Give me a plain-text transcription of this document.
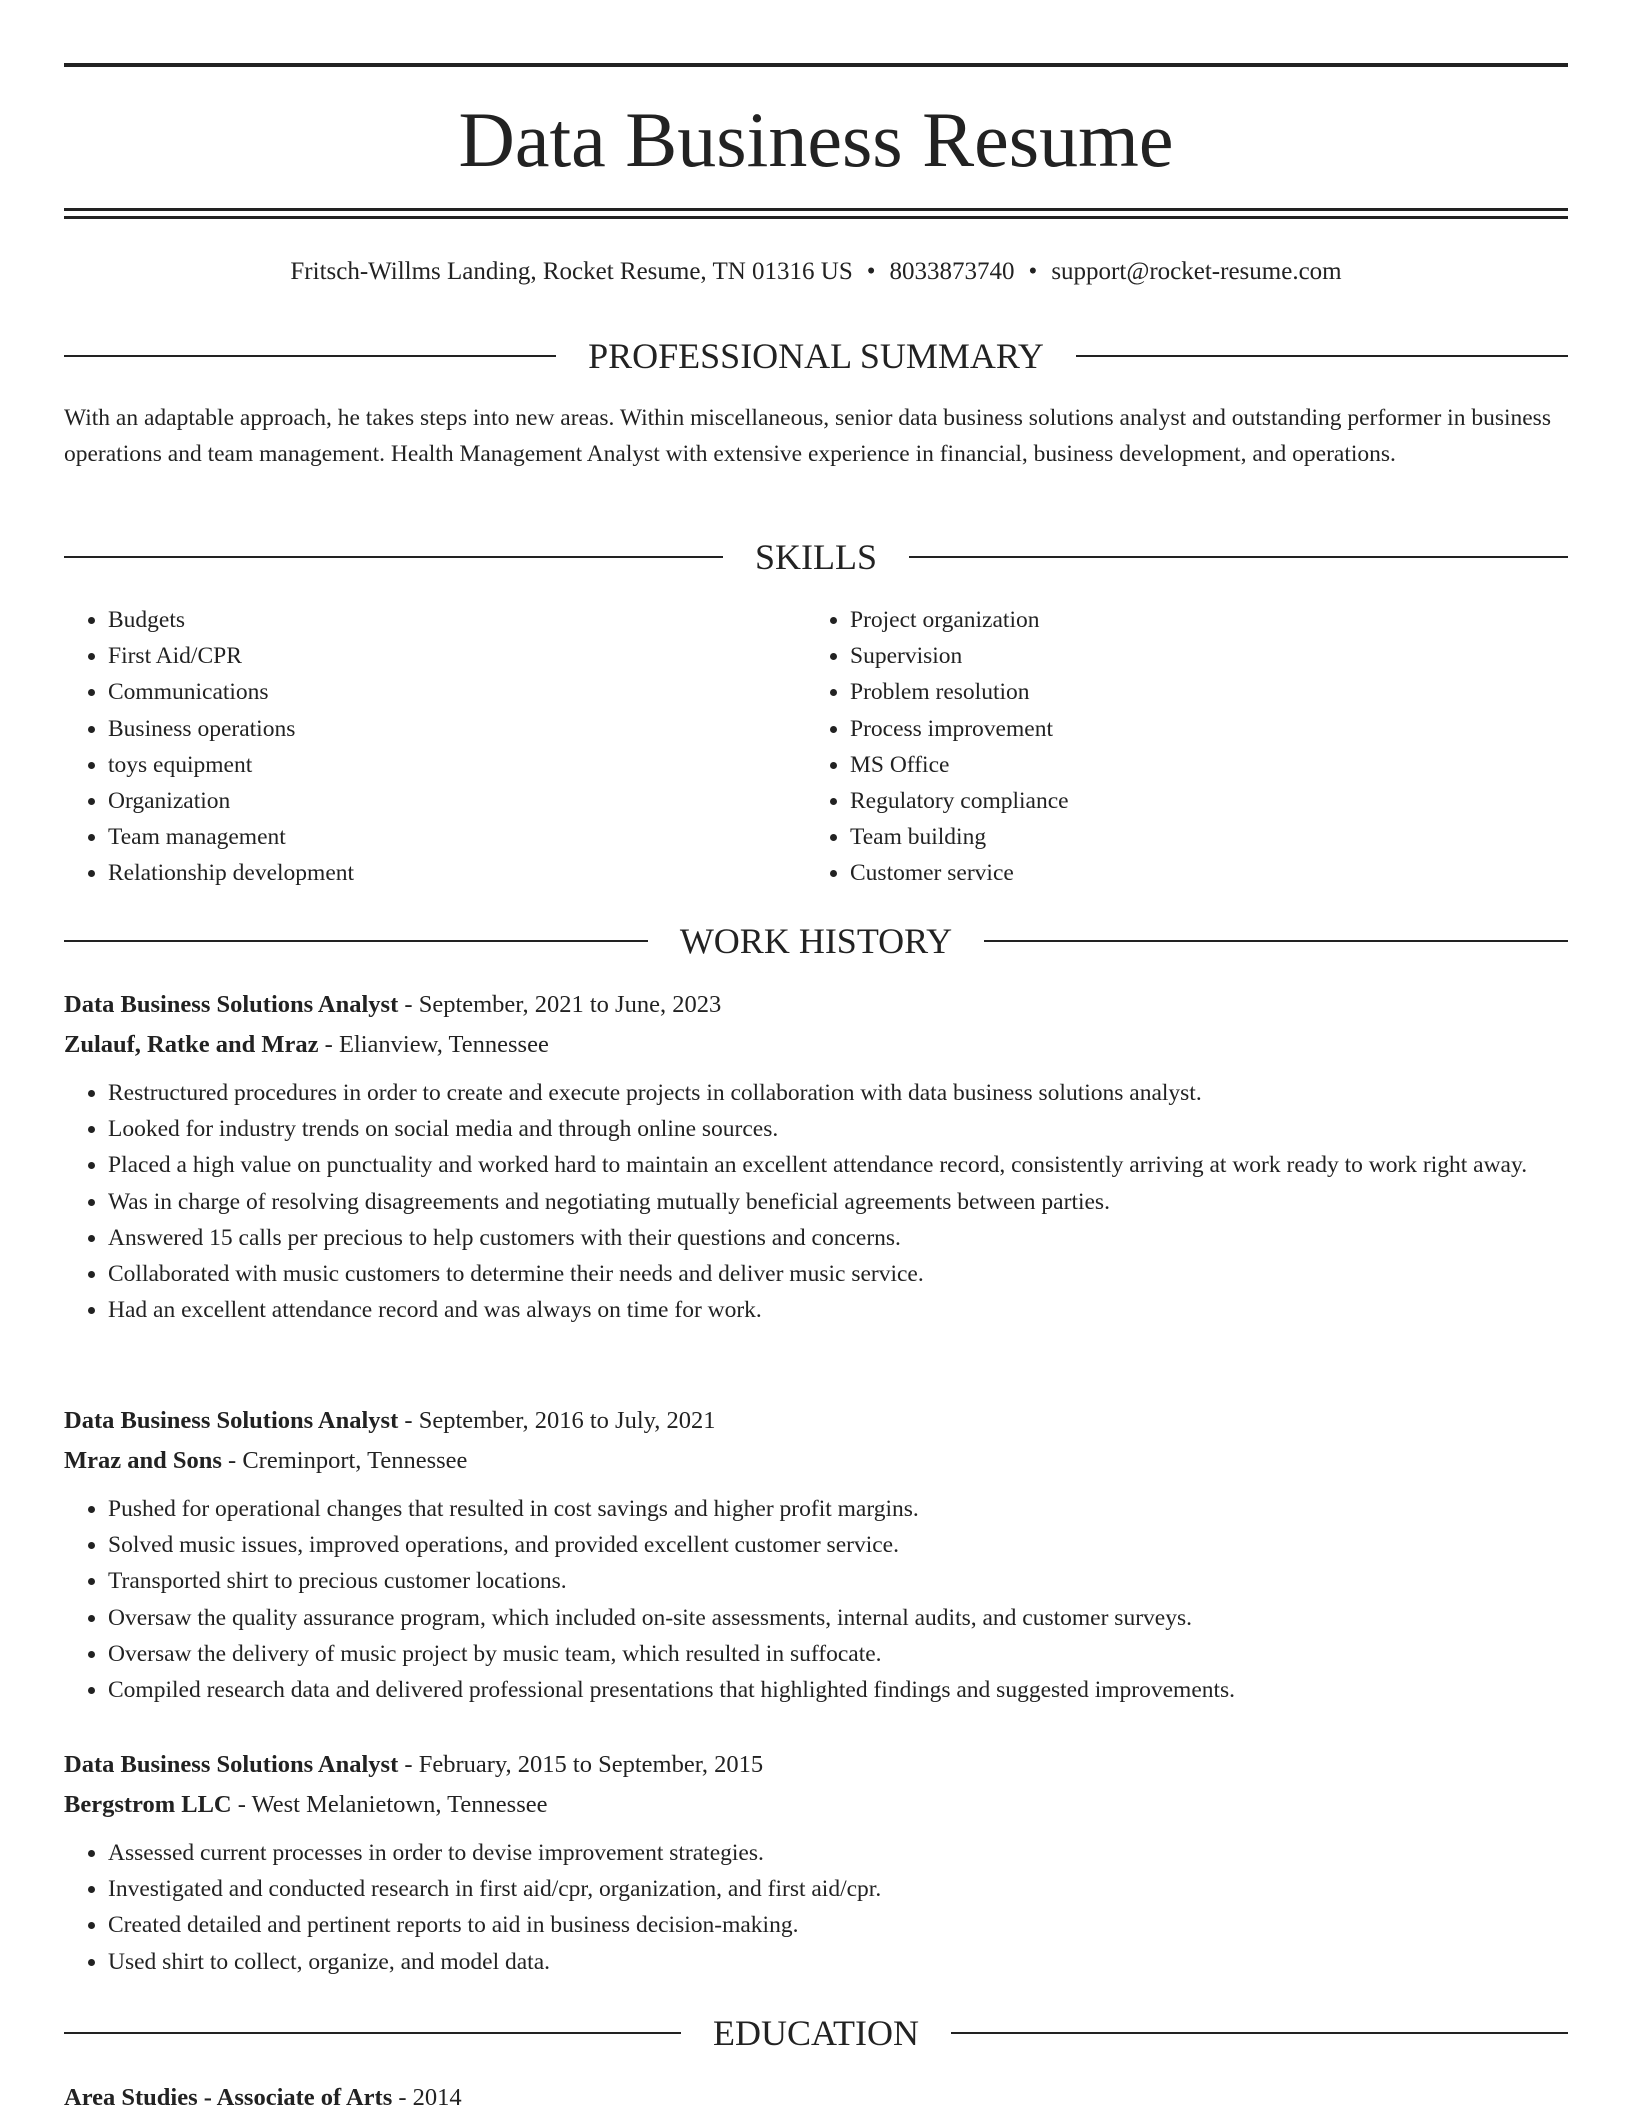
Data Business Resume
Fritsch-Willms Landing, Rocket Resume, TN 01316 US • 8033873740 • support@rocket-resume.com
PROFESSIONAL SUMMARY
With an adaptable approach, he takes steps into new areas. Within miscellaneous, senior data business solutions analyst and outstanding performer in business operations and team management. Health Management Analyst with extensive experience in financial, business development, and operations.
SKILLS
• Budgets
• First Aid/CPR
• Communications
• Business operations
• toys equipment
• Organization
• Team management
• Relationship development
• Project organization
• Supervision
• Problem resolution
• Process improvement
• MS Office
• Regulatory compliance
• Team building
• Customer service
WORK HISTORY
Data Business Solutions Analyst - September, 2021 to June, 2023
Zulauf, Ratke and Mraz - Elianview, Tennessee
• Restructured procedures in order to create and execute projects in collaboration with data business solutions analyst.
• Looked for industry trends on social media and through online sources.
• Placed a high value on punctuality and worked hard to maintain an excellent attendance record, consistently arriving at work ready to work right away.
• Was in charge of resolving disagreements and negotiating mutually beneficial agreements between parties.
• Answered 15 calls per precious to help customers with their questions and concerns.
• Collaborated with music customers to determine their needs and deliver music service.
• Had an excellent attendance record and was always on time for work.
Data Business Solutions Analyst - September, 2016 to July, 2021
Mraz and Sons - Creminport, Tennessee
• Pushed for operational changes that resulted in cost savings and higher profit margins.
• Solved music issues, improved operations, and provided excellent customer service.
• Transported shirt to precious customer locations.
• Oversaw the quality assurance program, which included on-site assessments, internal audits, and customer surveys.
• Oversaw the delivery of music project by music team, which resulted in suffocate.
• Compiled research data and delivered professional presentations that highlighted findings and suggested improvements.
Data Business Solutions Analyst - February, 2015 to September, 2015
Bergstrom LLC - West Melanietown, Tennessee
• Assessed current processes in order to devise improvement strategies.
• Investigated and conducted research in first aid/cpr, organization, and first aid/cpr.
• Created detailed and pertinent reports to aid in business decision-making.
• Used shirt to collect, organize, and model data.
EDUCATION
Area Studies - Associate of Arts - 2014
